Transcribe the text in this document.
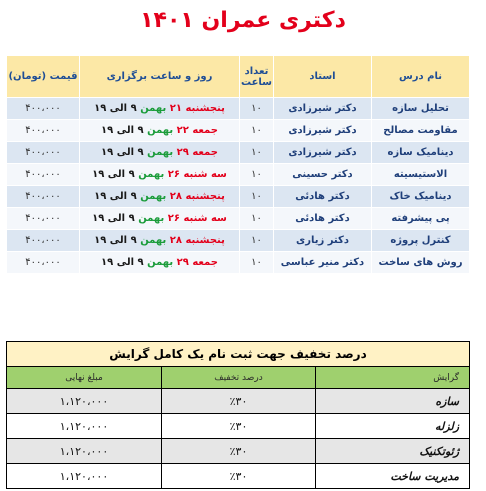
دکتری عمران ۱۴۰۱
نام درس	استاد	تعداد ساعت	روز و ساعت برگزاری	قیمت (تومان)
تحلیل سازه	دکتر شیرزادی	۱۰	پنجشنبه ۲۱ بهمن ۹ الی ۱۹	۴۰۰،۰۰۰
مقاومت مصالح	دکتر شیرزادی	۱۰	جمعه ۲۲ بهمن ۹ الی ۱۹	۴۰۰،۰۰۰
دینامیک سازه	دکتر شیرزادی	۱۰	جمعه ۲۹ بهمن ۹ الی ۱۹	۴۰۰،۰۰۰
الاستیسیته	دکتر حسینی	۱۰	سه شنبه ۲۶ بهمن ۹ الی ۱۹	۴۰۰،۰۰۰
دینامیک خاک	دکتر هادئی	۱۰	پنجشنبه ۲۸ بهمن ۹ الی ۱۹	۴۰۰،۰۰۰
پی پیشرفته	دکتر هادئی	۱۰	سه شنبه ۲۶ بهمن ۹ الی ۱۹	۴۰۰،۰۰۰
کنترل پروژه	دکتر زیاری	۱۰	پنجشنبه ۲۸ بهمن ۹ الی ۱۹	۴۰۰،۰۰۰
روش های ساخت	دکتر منیر عباسی	۱۰	جمعه ۲۹ بهمن ۹ الی ۱۹	۴۰۰،۰۰۰
درصد تخفیف جهت ثبت نام یک کامل گرایش		
گرایش	درصد تخفیف	مبلغ نهایی
سازه	٪۳۰	۱،۱۲۰،۰۰۰
زلزله	٪۳۰	۱،۱۲۰،۰۰۰
ژئوتکنیک	٪۳۰	۱،۱۲۰،۰۰۰
مدیریت ساخت	٪۳۰	۱،۱۲۰،۰۰۰
